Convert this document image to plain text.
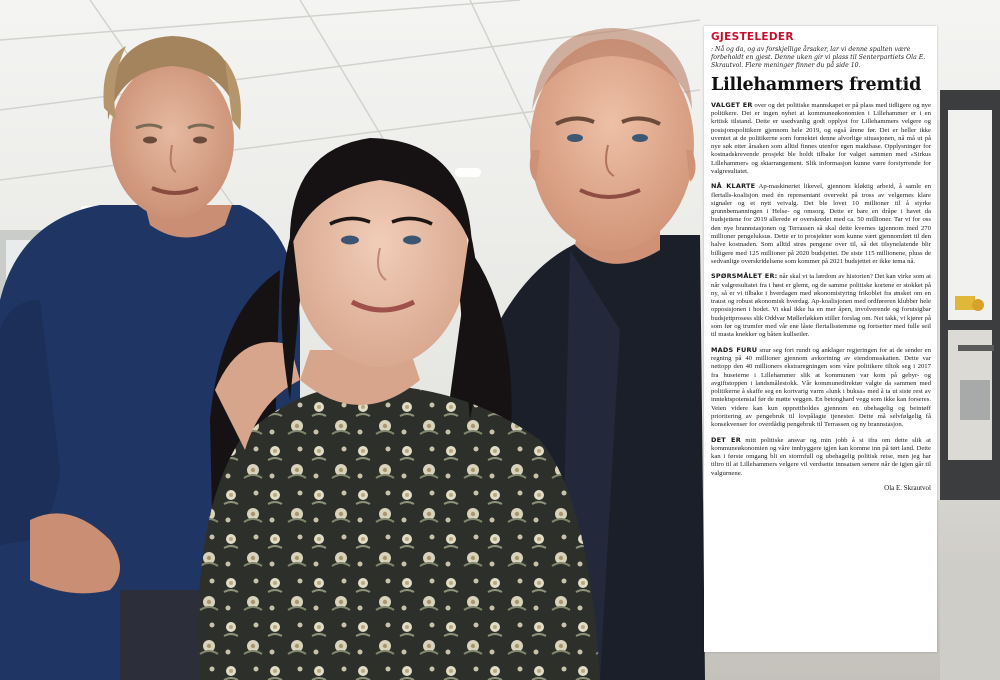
GJESTELEDER
: Nå og da, og av forskjellige årsaker, lar vi denne spalten være forbeholdt en gjest. Denne uken gir vi plass til Senterpartiets Ola E. Skrautvol. Flere meninger finner du på side 10.
Lillehammers fremtid

VALGET ER over og det politiske mannskapet er på plass med tidligere og nye politikere. Det er ingen nyhet at kommuneøkonomien i Lillehammer er i en kritisk tilstand. Dette er usedvanlig godt opplyst for Lillehammers velgere og posisjonspolitikere gjennom hele 2019, og også årene før. Det er heller ikke uventet at de politikerne som fornektet denne alvorlige situasjonen, nå må ut på nye søk etter årsaken som alltid finnes utenfor egen maktbase. Opplysninger for kostnadskrevende prosjekt ble holdt tilbake for valget sammen med «Sirkus Lillehammer» og skiarrangement. Slik informasjon kunne være forstyrrende for valgresultatet.

NÅ KLARTE Ap-maskineriet likevel, gjennom kløktig arbeid, å samle en flertalls-koalisjon med én representant overvekt på tross av velgernes klare signaler og et nytt veivalg. Det ble lovet 10 millioner til å styrke grunnbemanningen i Helse- og omsorg. Dette er bare en dråpe i havet da budsjettene for 2019 allerede er overskredet med ca. 50 millioner. Tar vi for oss den nye brannstasjonen og Terrassen så skal dette kvernes igjennom med 270 millioner pengeluksus. Dette er to prosjekter som kunne vært gjennomført til den halve kostnaden. Som alltid strøs pengene over til, så det tilsynelatende blir billigere med 125 millioner på 2020 budsjettet. De siste 115 millionene, pluss de sedvanlige overskridelsene som kommer på 2021 budsjettet er ikke tema nå.

SPØRSMÅLET ER: når skal vi ta lærdom av historien? Det kan virke som at når valgresultatet fra i høst er glemt, og de samme politiske kortene er stokket på ny, så er vi tilbake i hverdagen med økonomistyring frikoblet fra ønsket om en traust og robust økonomisk hverdag. Ap-koalisjonen med ordføreren klubber hele opposisjonen i hodet. Vi skal ikke ha en mer åpen, involverende og forutsigbar budsjettprosess slik Oddvar Møllerløkken stiller forslag om. Nei takk, vi kjører på som før og trumfer med vår ene låste flertallsstemme og fortsetter med fulle seil til masta knekker og båten kullseiler.

MADS FURU snur seg fort rundt og anklager regjeringen for at de sender en regning på 40 millioner gjennom avkortning av eiendomsskatten. Dette var nettopp den 40 millioners ekstraregningen som våre politikere tiltok seg i 2017 fra huseierne i Lillehammer slik at kommunen var kom på gebyr- og avgiftstoppen i landsmålestokk. Vår kommunedirektør valgte da sammen med politikerne å skaffe seg en kortvarig varm «lunk i buksa» med å ta ut siste rest av inntektspotensial før de møtte veggen. En betonghard vegg som ikke kan forseres. Veien videre kan kun opprettholdes gjennom en ubehagelig og beintøff prioritering av pengebruk til lovpålagte tjenester. Dette må selvfølgelig få konsekvenser for overdådig pengebruk til Terrassen og ny brannstasjon.

DET ER mitt politiske ansvar og min jobb å si ifra om dette slik at kommuneøkonomien og våre innbyggere igjen kan komme inn på tørt land. Dette kan i første omgang bli en stormfull og ubehagelig politisk reise, men jeg har tiltro til at Lillehammers velgere vil verdsette innsatsen senere når de igjen går til valgurnene.

Ola E. Skrautvol
